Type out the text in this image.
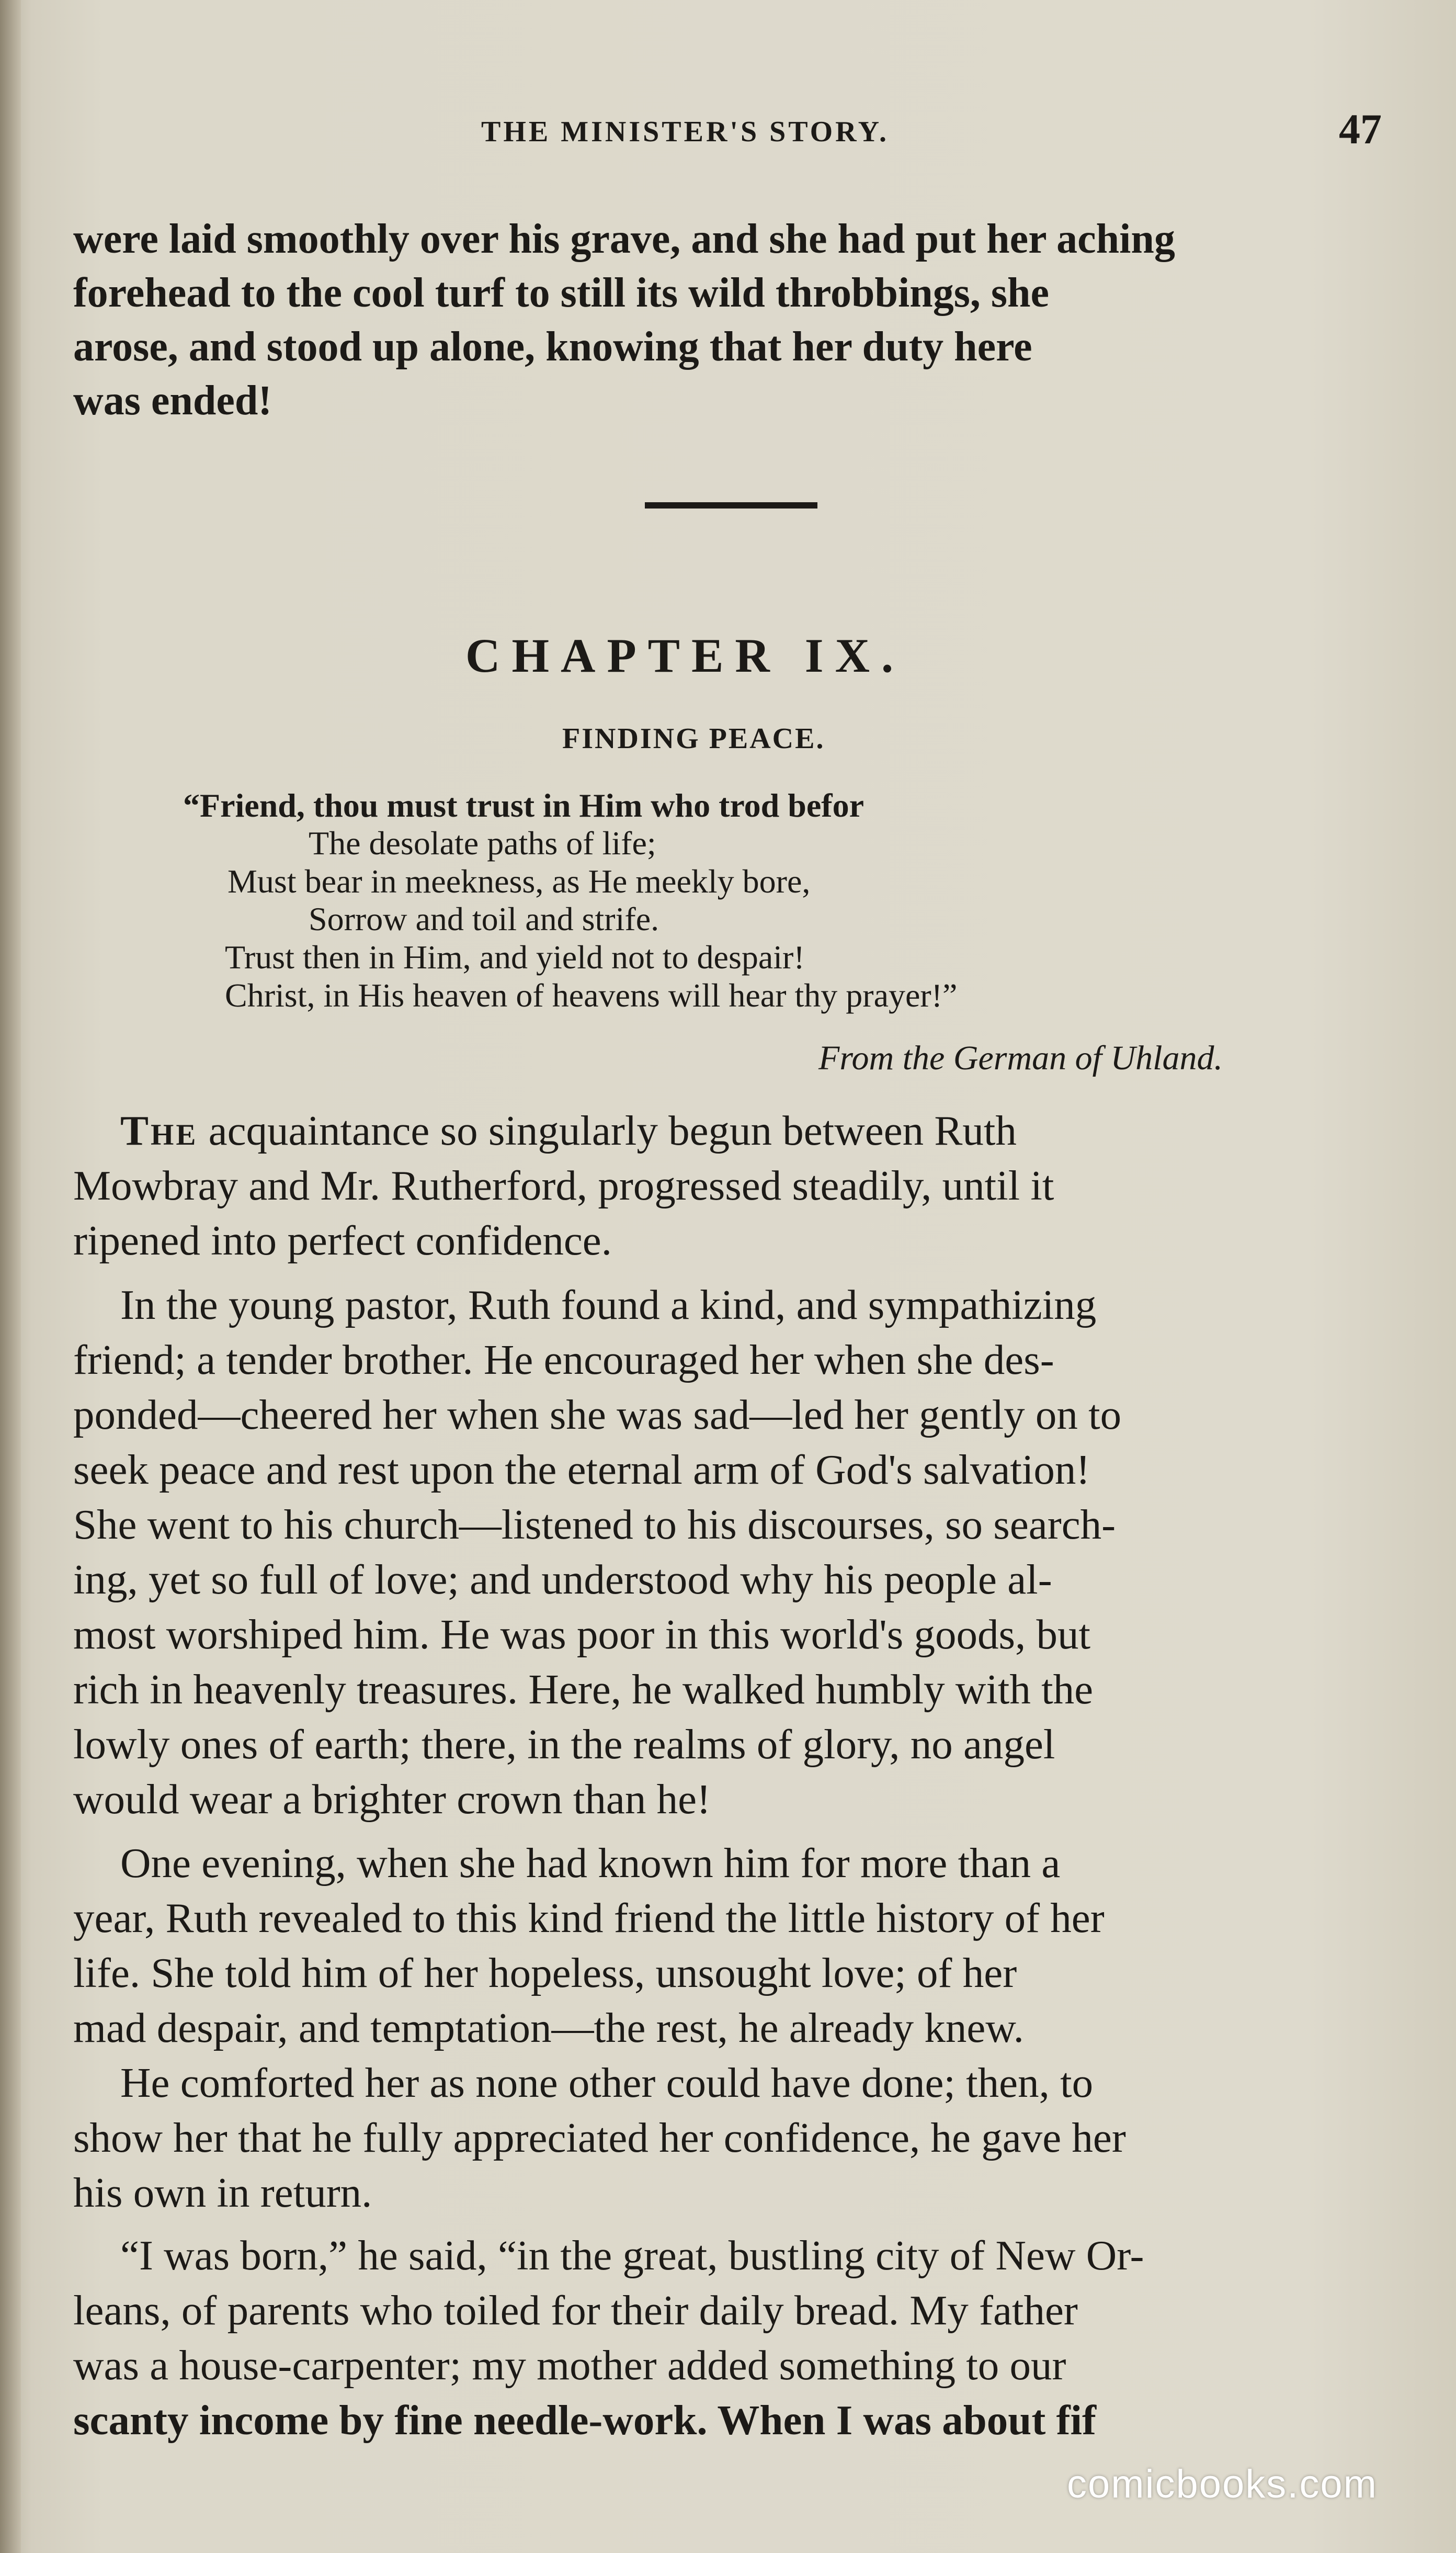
THE MINISTER'S STORY.	47
were laid smoothly over his grave, and she had put her aching
forehead to the cool turf to still its wild throbbings, she
arose, and stood up alone, knowing that her duty here
was ended!
CHAPTER IX.
FINDING PEACE.
“Friend, thou must trust in Him who trod befor
The desolate paths of life;
Must bear in meekness, as He meekly bore,
Sorrow and toil and strife.
Trust then in Him, and yield not to despair!
Christ, in His heaven of heavens will hear thy prayer!”
From the German of Uhland.
The acquaintance so singularly begun between Ruth
Mowbray and Mr. Rutherford, progressed steadily, until it
ripened into perfect confidence.
In the young pastor, Ruth found a kind, and sympathizing
friend; a tender brother. He encouraged her when she des-
ponded—cheered her when she was sad—led her gently on to
seek peace and rest upon the eternal arm of God's salvation!
She went to his church—listened to his discourses, so search-
ing, yet so full of love; and understood why his people al-
most worshiped him. He was poor in this world's goods, but
rich in heavenly treasures. Here, he walked humbly with the
lowly ones of earth; there, in the realms of glory, no angel
would wear a brighter crown than he!
One evening, when she had known him for more than a
year, Ruth revealed to this kind friend the little history of her
life. She told him of her hopeless, unsought love; of her
mad despair, and temptation—the rest, he already knew.
He comforted her as none other could have done; then, to
show her that he fully appreciated her confidence, he gave her
his own in return.
“I was born,” he said, “in the great, bustling city of New Or-
leans, of parents who toiled for their daily bread. My father
was a house-carpenter; my mother added something to our
scanty income by fine needle-work. When I was about fif
comicbooks.com
